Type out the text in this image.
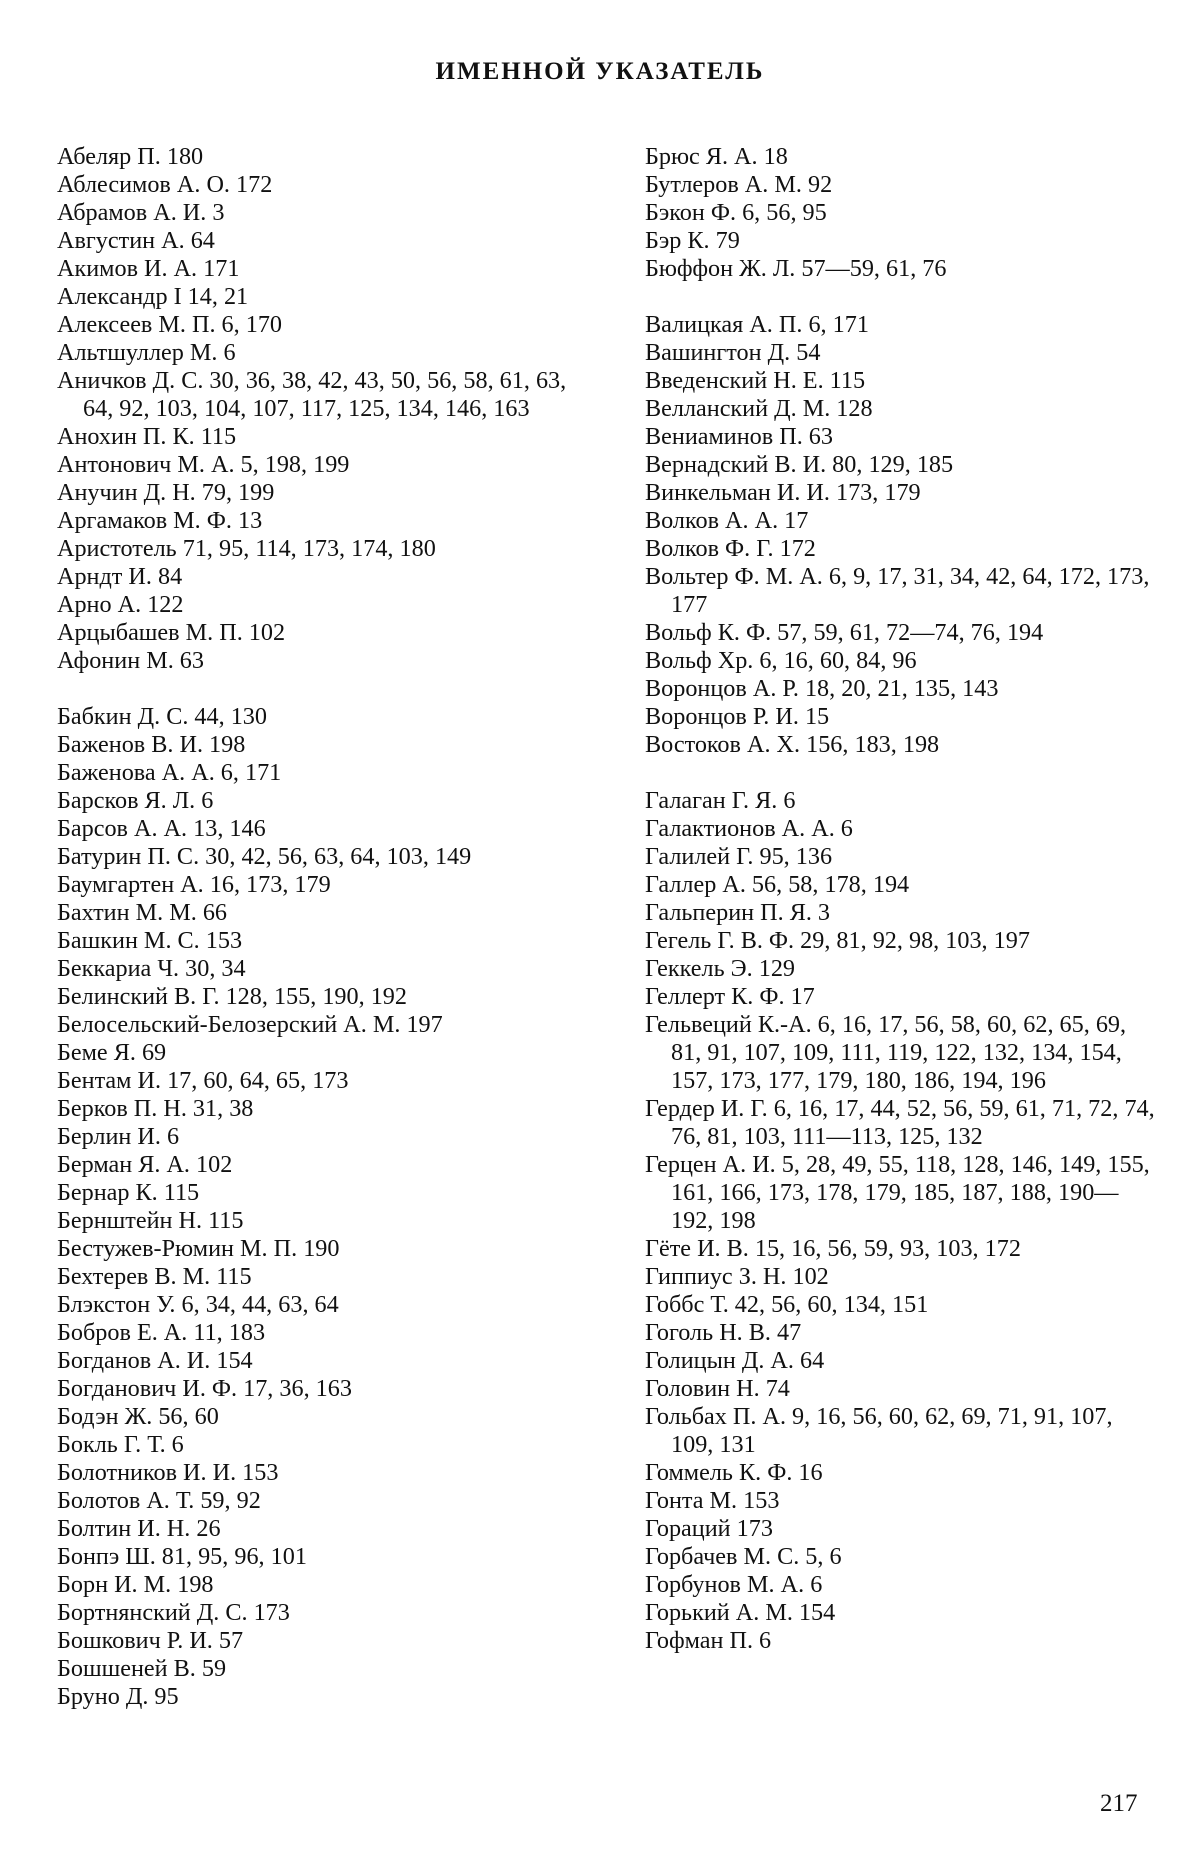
ИМЕННОЙ УКАЗАТЕЛЬ
Абеляр П. 180
Аблесимов А. О. 172
Абрамов А. И. 3
Августин А. 64
Акимов И. А. 171
Александр I 14, 21
Алексеев М. П. 6, 170
Альтшуллер М. 6
Аничков Д. С. 30, 36, 38, 42, 43, 50, 56, 58, 61, 63, 64, 92, 103, 104, 107, 117, 125, 134, 146, 163
Анохин П. К. 115
Антонович М. А. 5, 198, 199
Анучин Д. Н. 79, 199
Аргамаков М. Ф. 13
Аристотель 71, 95, 114, 173, 174, 180
Арндт И. 84
Арно А. 122
Арцыбашев М. П. 102
Афонин М. 63
Бабкин Д. С. 44, 130
Баженов В. И. 198
Баженова А. А. 6, 171
Барсков Я. Л. 6
Барсов А. А. 13, 146
Батурин П. С. 30, 42, 56, 63, 64, 103, 149
Баумгартен А. 16, 173, 179
Бахтин М. М. 66
Башкин М. С. 153
Беккариа Ч. 30, 34
Белинский В. Г. 128, 155, 190, 192
Белосельский-Белозерский А. М. 197
Беме Я. 69
Бентам И. 17, 60, 64, 65, 173
Берков П. Н. 31, 38
Берлин И. 6
Берман Я. А. 102
Бернар К. 115
Бернштейн Н. 115
Бестужев-Рюмин М. П. 190
Бехтерев В. М. 115
Блэкстон У. 6, 34, 44, 63, 64
Бобров Е. А. 11, 183
Богданов А. И. 154
Богданович И. Ф. 17, 36, 163
Бодэн Ж. 56, 60
Бокль Г. Т. 6
Болотников И. И. 153
Болотов А. Т. 59, 92
Болтин И. Н. 26
Бонпэ Ш. 81, 95, 96, 101
Борн И. М. 198
Бортнянский Д. С. 173
Бошкович Р. И. 57
Бошшеней В. 59
Бруно Д. 95
Брюс Я. А. 18
Бутлеров А. М. 92
Бэкон Ф. 6, 56, 95
Бэр К. 79
Бюффон Ж. Л. 57—59, 61, 76
Валицкая А. П. 6, 171
Вашингтон Д. 54
Введенский Н. Е. 115
Велланский Д. М. 128
Вениаминов П. 63
Вернадский В. И. 80, 129, 185
Винкельман И. И. 173, 179
Волков А. А. 17
Волков Ф. Г. 172
Вольтер Ф. М. А. 6, 9, 17, 31, 34, 42, 64, 172, 173, 177
Вольф К. Ф. 57, 59, 61, 72—74, 76, 194
Вольф Хр. 6, 16, 60, 84, 96
Воронцов А. Р. 18, 20, 21, 135, 143
Воронцов Р. И. 15
Востоков А. Х. 156, 183, 198
Галаган Г. Я. 6
Галактионов А. А. 6
Галилей Г. 95, 136
Галлер А. 56, 58, 178, 194
Гальперин П. Я. 3
Гегель Г. В. Ф. 29, 81, 92, 98, 103, 197
Геккель Э. 129
Геллерт К. Ф. 17
Гельвеций К.-А. 6, 16, 17, 56, 58, 60, 62, 65, 69, 81, 91, 107, 109, 111, 119, 122, 132, 134, 154, 157, 173, 177, 179, 180, 186, 194, 196
Гердер И. Г. 6, 16, 17, 44, 52, 56, 59, 61, 71, 72, 74, 76, 81, 103, 111—113, 125, 132
Герцен А. И. 5, 28, 49, 55, 118, 128, 146, 149, 155, 161, 166, 173, 178, 179, 185, 187, 188, 190—192, 198
Гёте И. В. 15, 16, 56, 59, 93, 103, 172
Гиппиус З. Н. 102
Гоббс Т. 42, 56, 60, 134, 151
Гоголь Н. В. 47
Голицын Д. А. 64
Головин Н. 74
Гольбах П. А. 9, 16, 56, 60, 62, 69, 71, 91, 107, 109, 131
Гоммель К. Ф. 16
Гонта М. 153
Гораций 173
Горбачев М. С. 5, 6
Горбунов М. А. 6
Горький А. М. 154
Гофман П. 6
217
